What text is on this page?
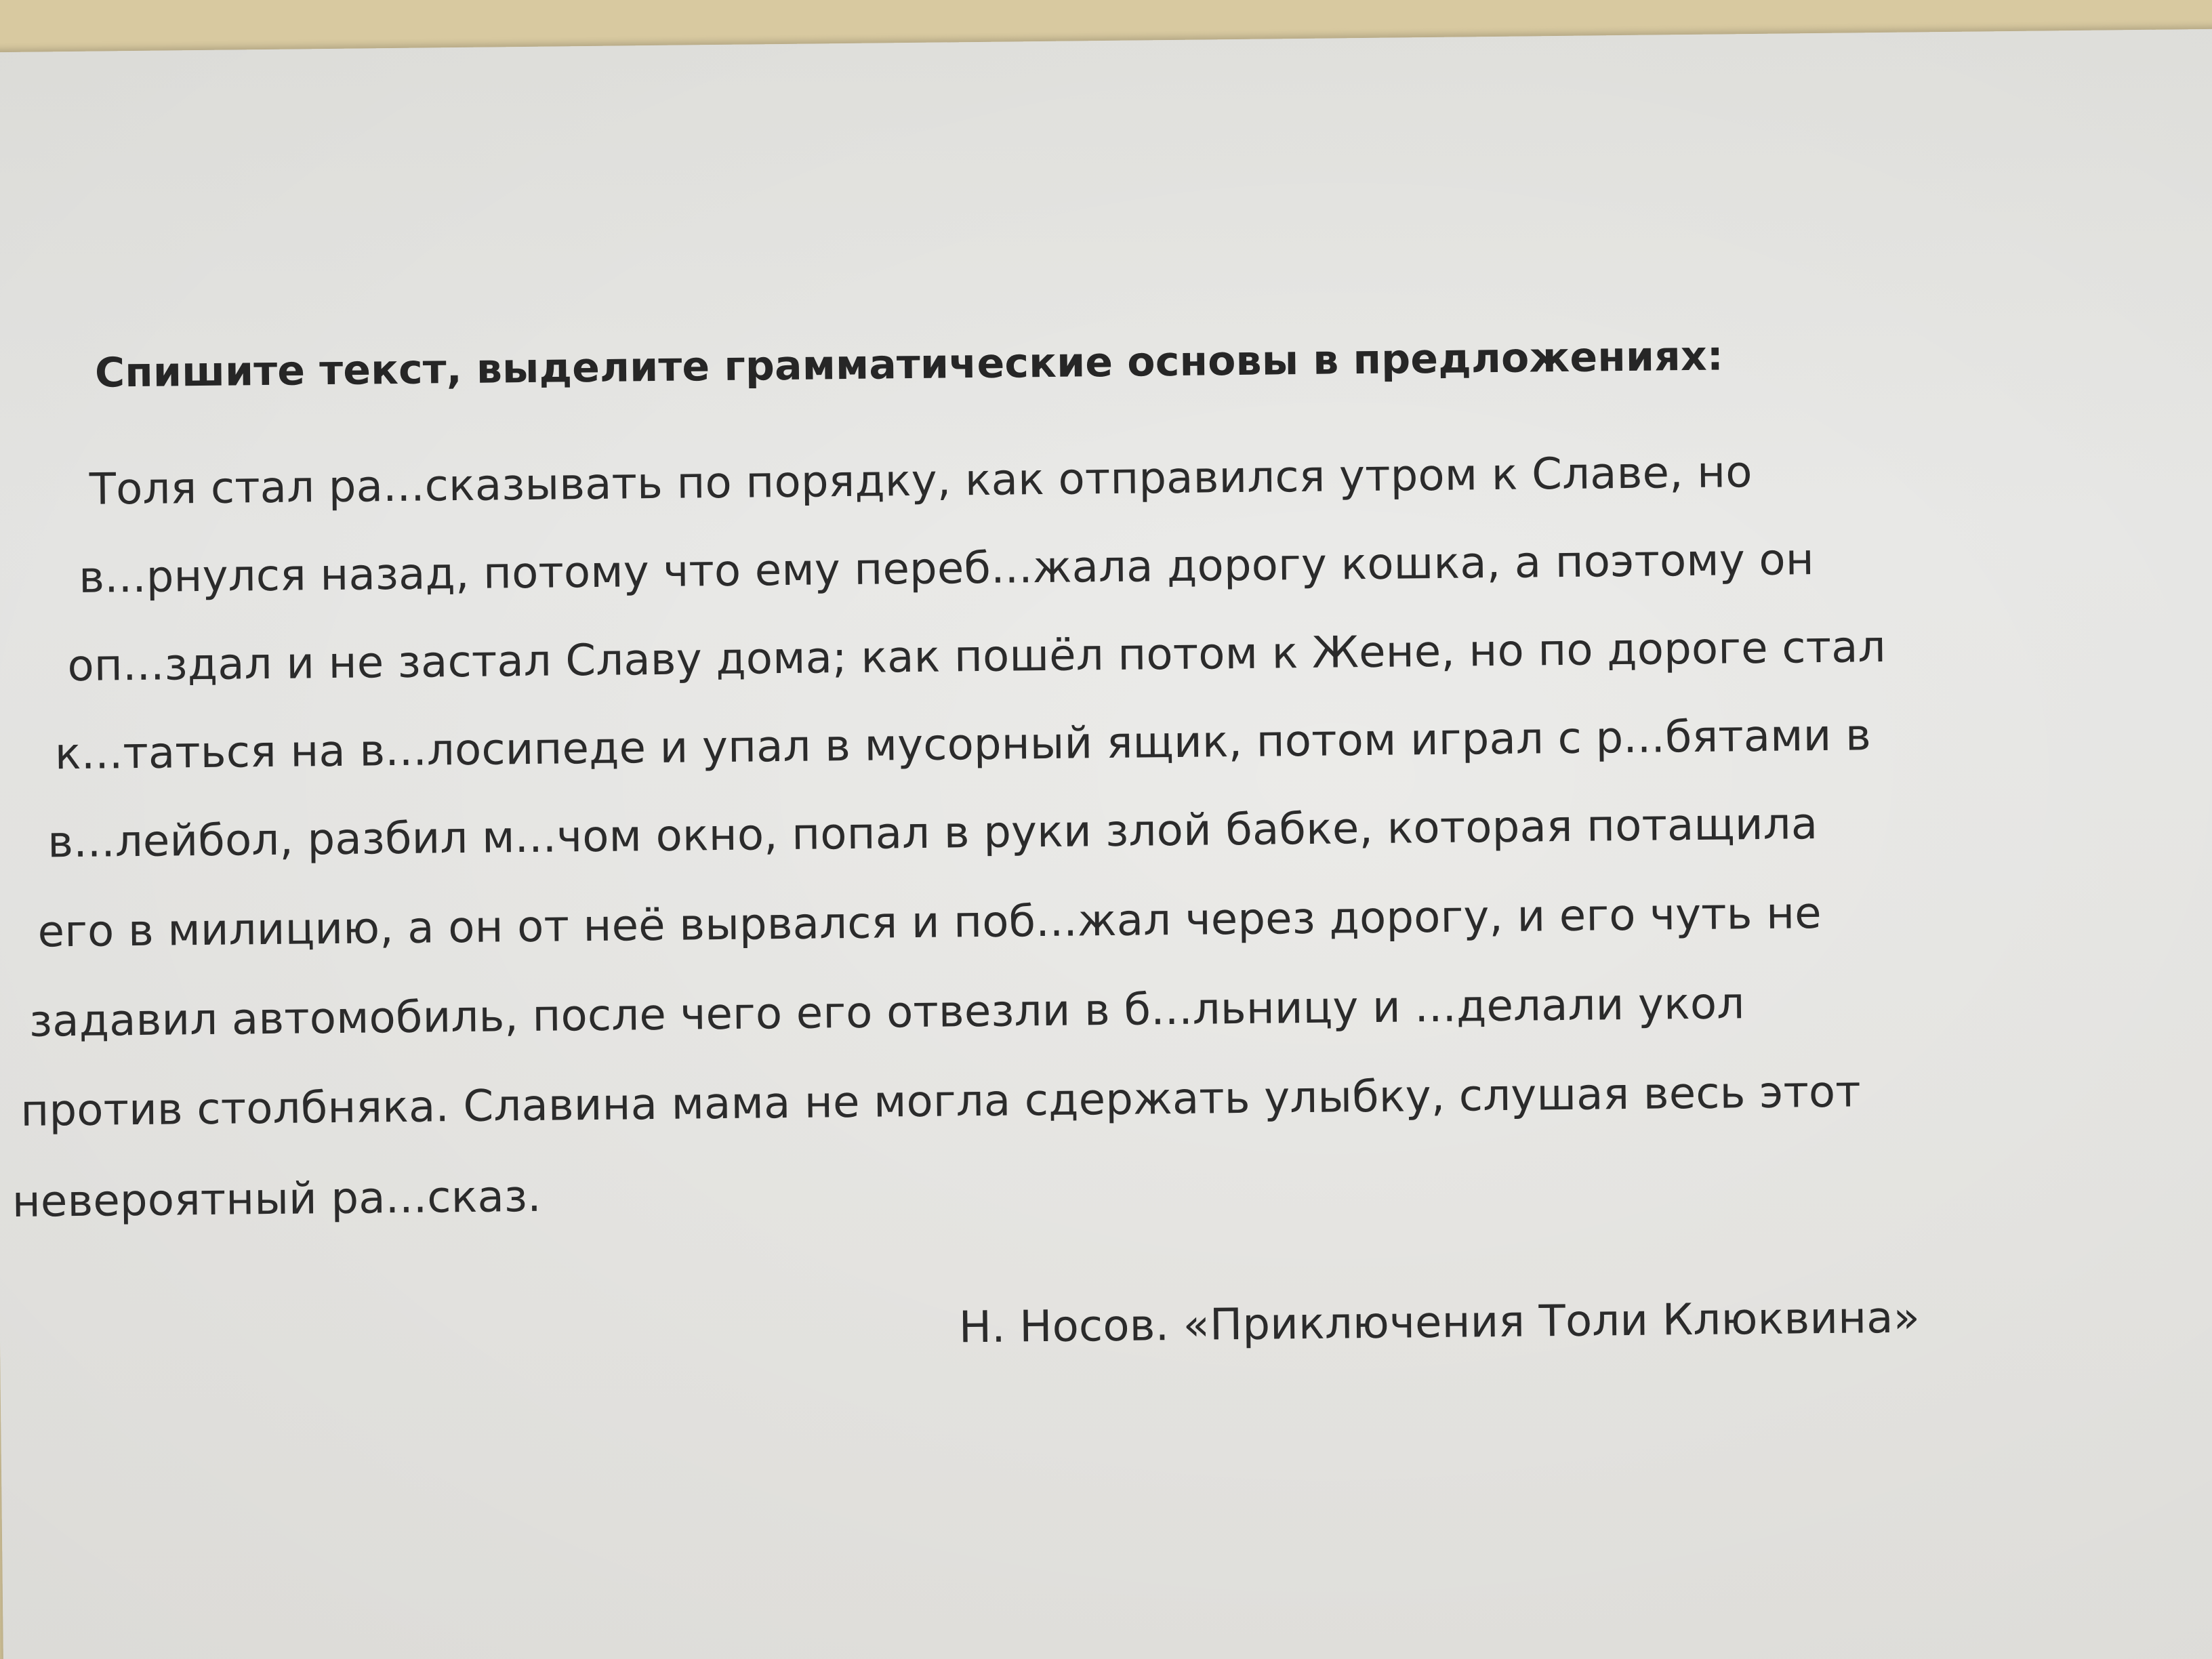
Спишите текст, выделите грамматические основы в предложениях:
Толя стал ра...сказывать по порядку, как отправился утром к Славе, но
в...рнулся назад, потому что ему переб...жала дорогу кошка, а поэтому он
оп...здал и не застал Славу дома; как пошёл потом к Жене, но по дороге стал
к...таться на в...лосипеде и упал в мусорный ящик, потом играл с р...бятами в
в...лейбол, разбил м...чом окно, попал в руки злой бабке, которая потащила
его в милицию, а он от неё вырвался и поб...жал через дорогу, и его чуть не
задавил автомобиль, после чего его отвезли в б...льницу и ...делали укол
против столбняка. Славина мама не могла сдержать улыбку, слушая весь этот
невероятный ра...сказ.
Н. Носов. «Приключения Толи Клюквина»
